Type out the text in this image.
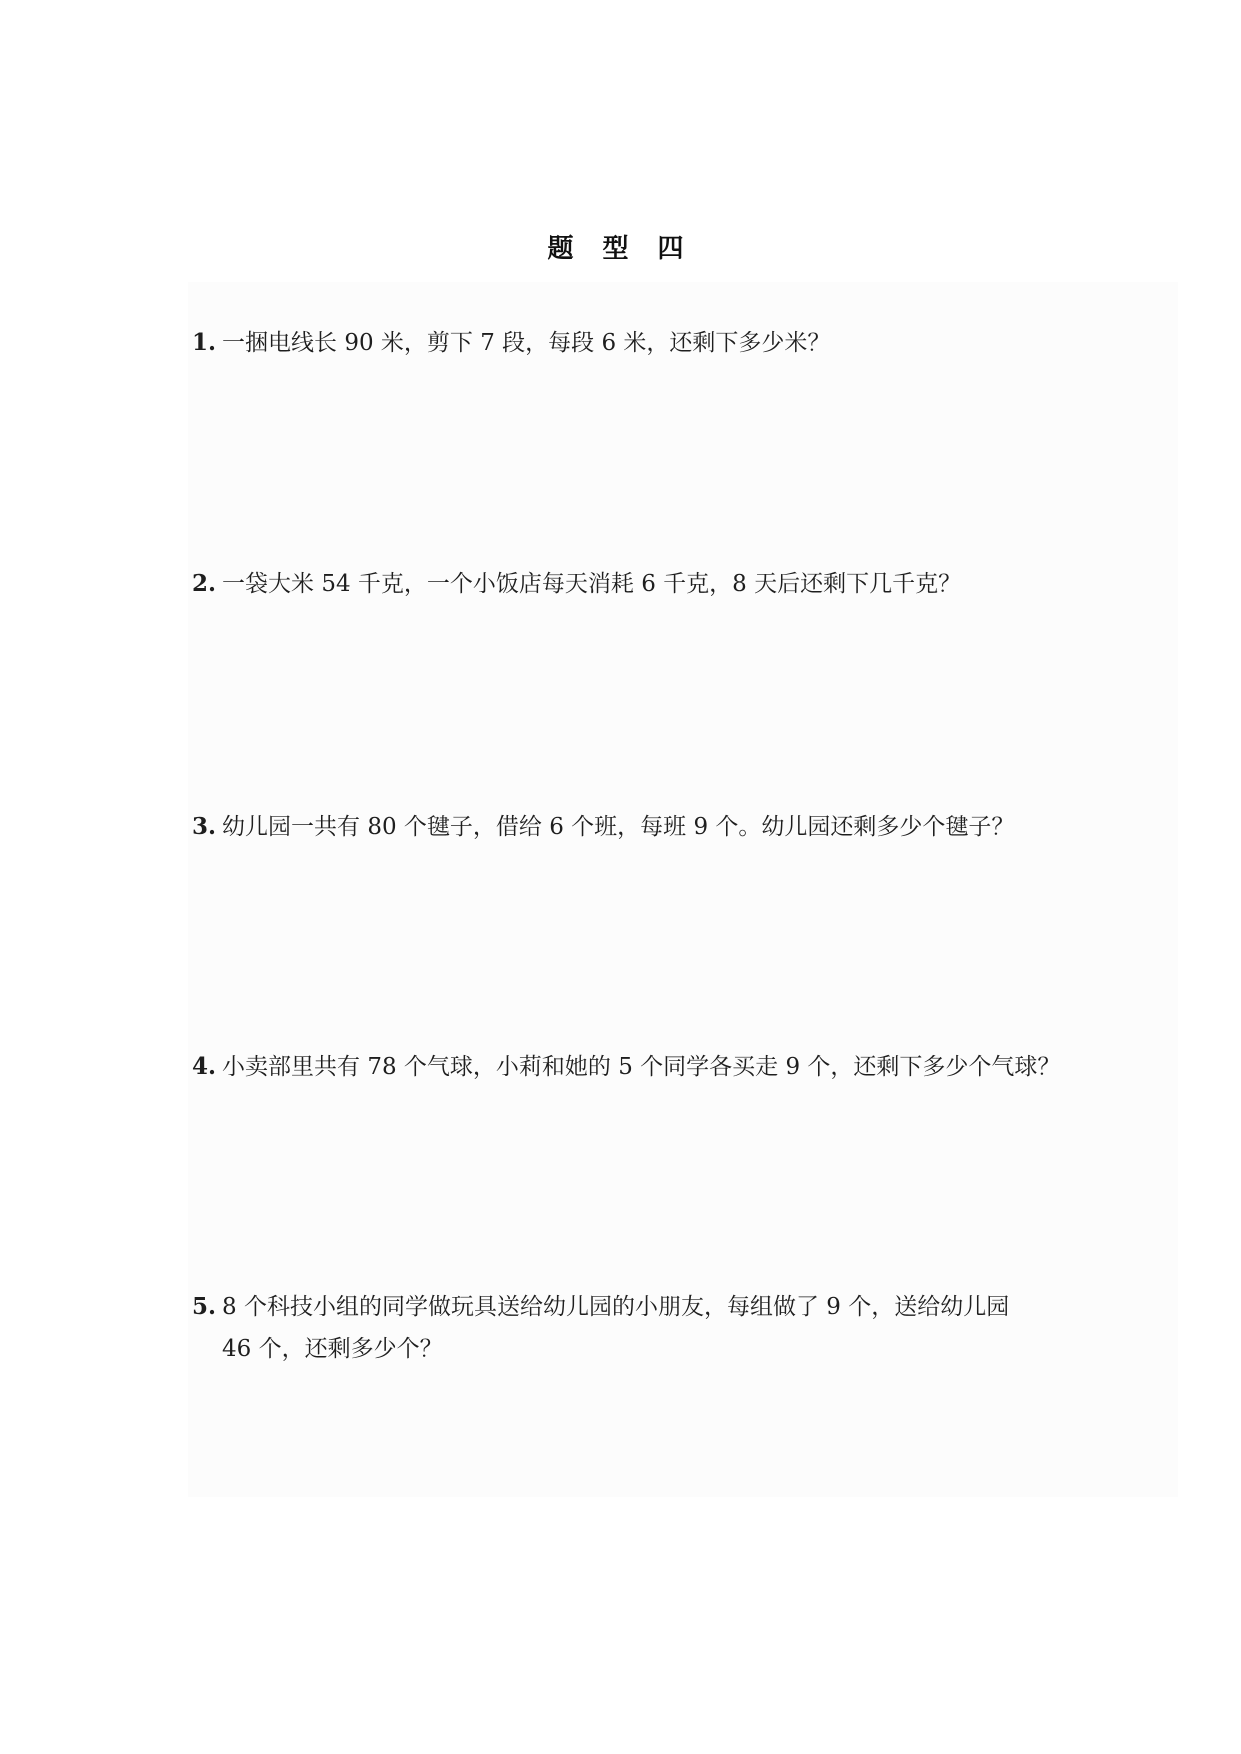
题 型 四
1. 一捆电线长 90 米，剪下 7 段，每段 6 米，还剩下多少米？
2. 一袋大米 54 千克，一个小饭店每天消耗 6 千克，8 天后还剩下几千克？
3. 幼儿园一共有 80 个毽子，借给 6 个班，每班 9 个。幼儿园还剩多少个毽子？
4. 小卖部里共有 78 个气球，小莉和她的 5 个同学各买走 9 个，还剩下多少个气球？
5. 8 个科技小组的同学做玩具送给幼儿园的小朋友，每组做了 9 个，送给幼儿园
46 个，还剩多少个？
